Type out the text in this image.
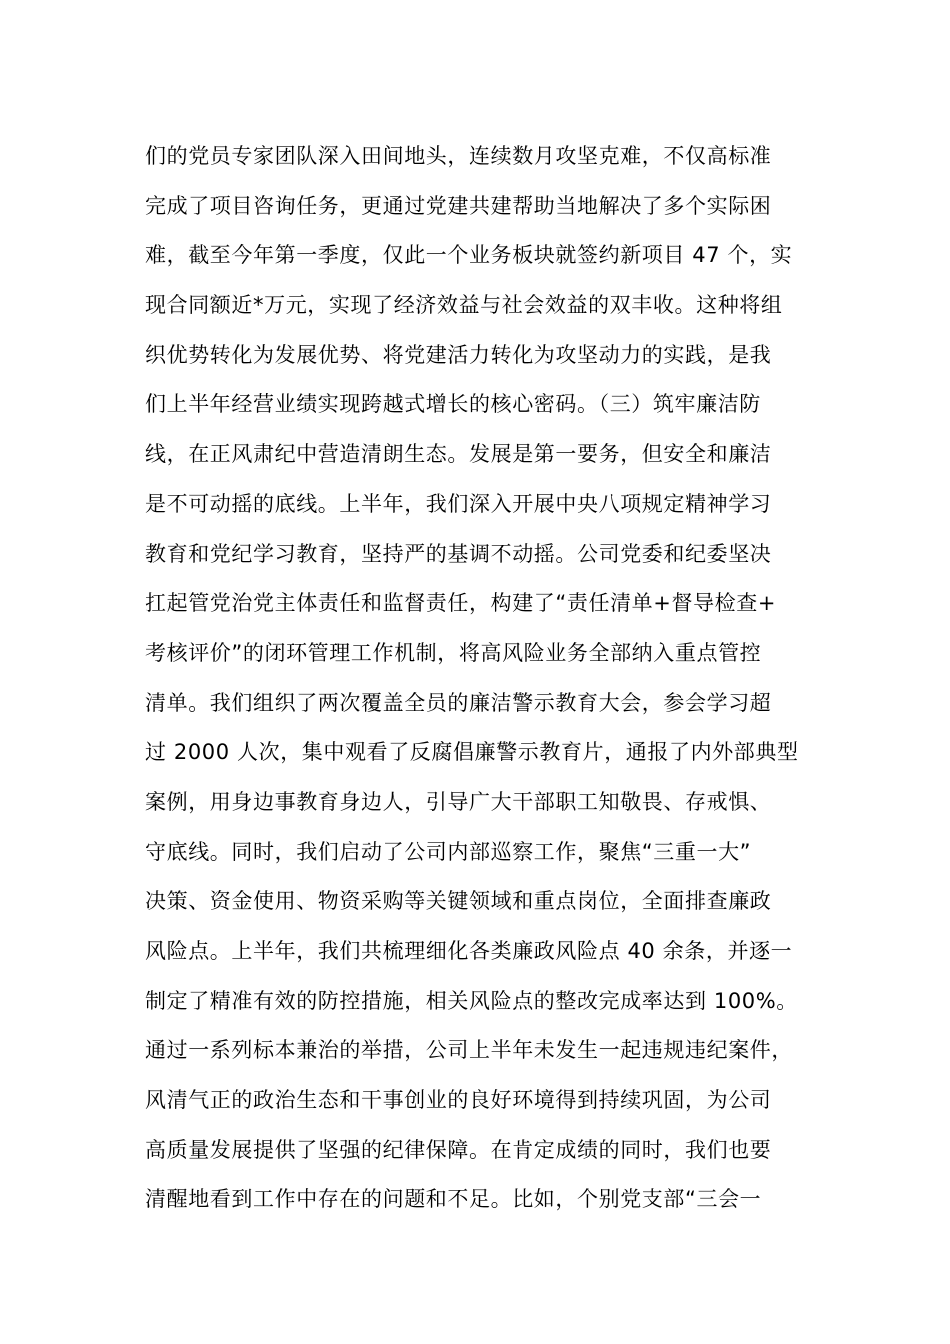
们的党员专家团队深入田间地头，连续数月攻坚克难，不仅高标准
完成了项目咨询任务，更通过党建共建帮助当地解决了多个实际困
难，截至今年第一季度，仅此一个业务板块就签约新项目 47 个，实
现合同额近*万元，实现了经济效益与社会效益的双丰收。这种将组
织优势转化为发展优势、将党建活力转化为攻坚动力的实践，是我
们上半年经营业绩实现跨越式增长的核心密码。（三）筑牢廉洁防
线，在正风肃纪中营造清朗生态。发展是第一要务，但安全和廉洁
是不可动摇的底线。上半年，我们深入开展中央八项规定精神学习
教育和党纪学习教育，坚持严的基调不动摇。公司党委和纪委坚决
扛起管党治党主体责任和监督责任，构建了“责任清单+督导检查+
考核评价”的闭环管理工作机制，将高风险业务全部纳入重点管控
清单。我们组织了两次覆盖全员的廉洁警示教育大会，参会学习超
过 2000 人次，集中观看了反腐倡廉警示教育片，通报了内外部典型
案例，用身边事教育身边人，引导广大干部职工知敬畏、存戒惧、
守底线。同时，我们启动了公司内部巡察工作，聚焦“三重一大”
决策、资金使用、物资采购等关键领域和重点岗位，全面排查廉政
风险点。上半年，我们共梳理细化各类廉政风险点 40 余条，并逐一
制定了精准有效的防控措施，相关风险点的整改完成率达到 100%。
通过一系列标本兼治的举措，公司上半年未发生一起违规违纪案件，
风清气正的政治生态和干事创业的良好环境得到持续巩固，为公司
高质量发展提供了坚强的纪律保障。在肯定成绩的同时，我们也要
清醒地看到工作中存在的问题和不足。比如，个别党支部“三会一
